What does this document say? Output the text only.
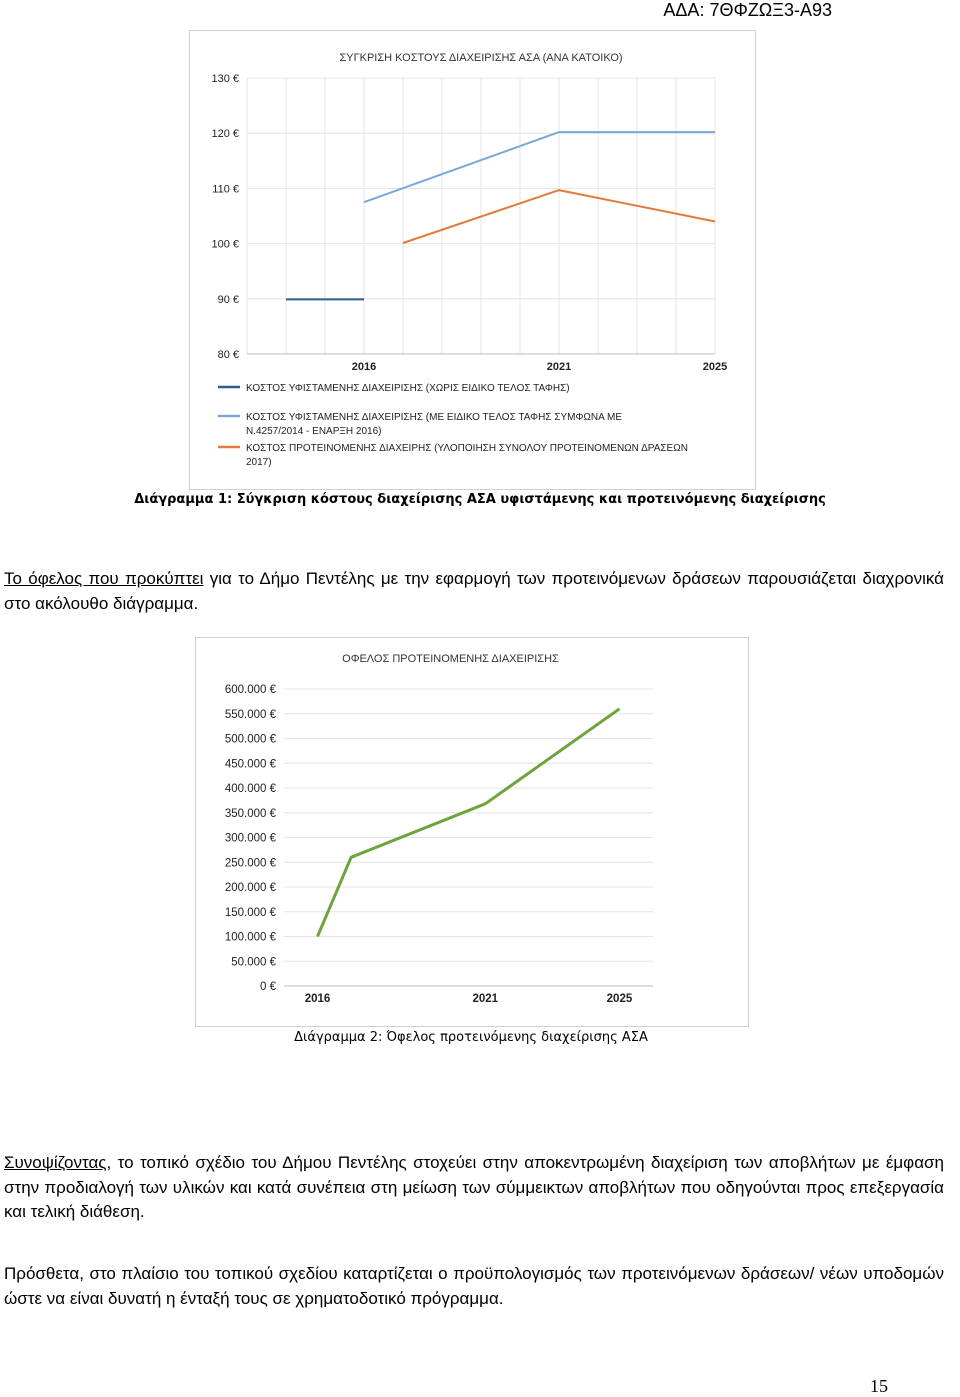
ΑΔΑ: 7ΘΦΖΩΞ3-Α93
ΣΥΓΚΡΙΣΗ ΚΟΣΤΟΥΣ ΔΙΑΧΕΙΡΙΣΗΣ ΑΣΑ (ΑΝΑ ΚΑΤΟΙΚΟ)
80 €
90 €
100 €
110 €
120 €
130 €
2016	2021	2025
ΚΟΣΤΟΣ ΥΦΙΣΤΑΜΕΝΗΣ ΔΙΑΧΕΙΡΙΣΗΣ (ΧΩΡΙΣ ΕΙΔΙΚΟ ΤΕΛΟΣ ΤΑΦΗΣ)
ΚΟΣΤΟΣ ΥΦΙΣΤΑΜΕΝΗΣ ΔΙΑΧΕΙΡΙΣΗΣ (ΜΕ ΕΙΔΙΚΟ ΤΕΛΟΣ ΤΑΦΗΣ ΣΥΜΦΩΝΑ ΜΕ
Ν.4257/2014 - ΕΝΑΡΞΗ 2016)
ΚΟΣΤΟΣ ΠΡΟΤΕΙΝΟΜΕΝΗΣ ΔΙΑΧΕΙΡΗΣ (ΥΛΟΠΟΙΗΣΗ ΣΥΝΟΛΟΥ ΠΡΟΤΕΙΝΟΜΕΝΩΝ ΔΡΑΣΕΩΝ
2017)
Διάγραμμα 1: Σύγκριση κόστους διαχείρισης ΑΣΑ υφιστάμενης και προτεινόμενης διαχείρισης
Το όφελος που προκύπτει για το Δήμο Πεντέλης με την εφαρμογή των προτεινόμενων δράσεων παρουσιάζεται διαχρονικά στο ακόλουθο διάγραμμα.
ΟΦΕΛΟΣ ΠΡΟΤΕΙΝΟΜΕΝΗΣ ΔΙΑΧΕΙΡΙΣΗΣ
0 €
50.000 €
100.000 €
150.000 €
200.000 €
250.000 €
300.000 €
350.000 €
400.000 €
450.000 €
500.000 €
550.000 €
600.000 €
2016	2021	2025
Διάγραμμα 2: Όφελος προτεινόμενης διαχείρισης ΑΣΑ
Συνοψίζοντας, το τοπικό σχέδιο του Δήμου Πεντέλης στοχεύει στην αποκεντρωμένη διαχείριση των αποβλήτων με έμφαση στην προδιαλογή των υλικών και κατά συνέπεια στη μείωση των σύμμεικτων αποβλήτων που οδηγούνται προς επεξεργασία και τελική διάθεση.
Πρόσθετα, στο πλαίσιο του τοπικού σχεδίου καταρτίζεται ο προϋπολογισμός των προτεινόμενων δράσεων/ νέων υποδομών ώστε να είναι δυνατή η ένταξή τους σε χρηματοδοτικό πρόγραμμα.
15
